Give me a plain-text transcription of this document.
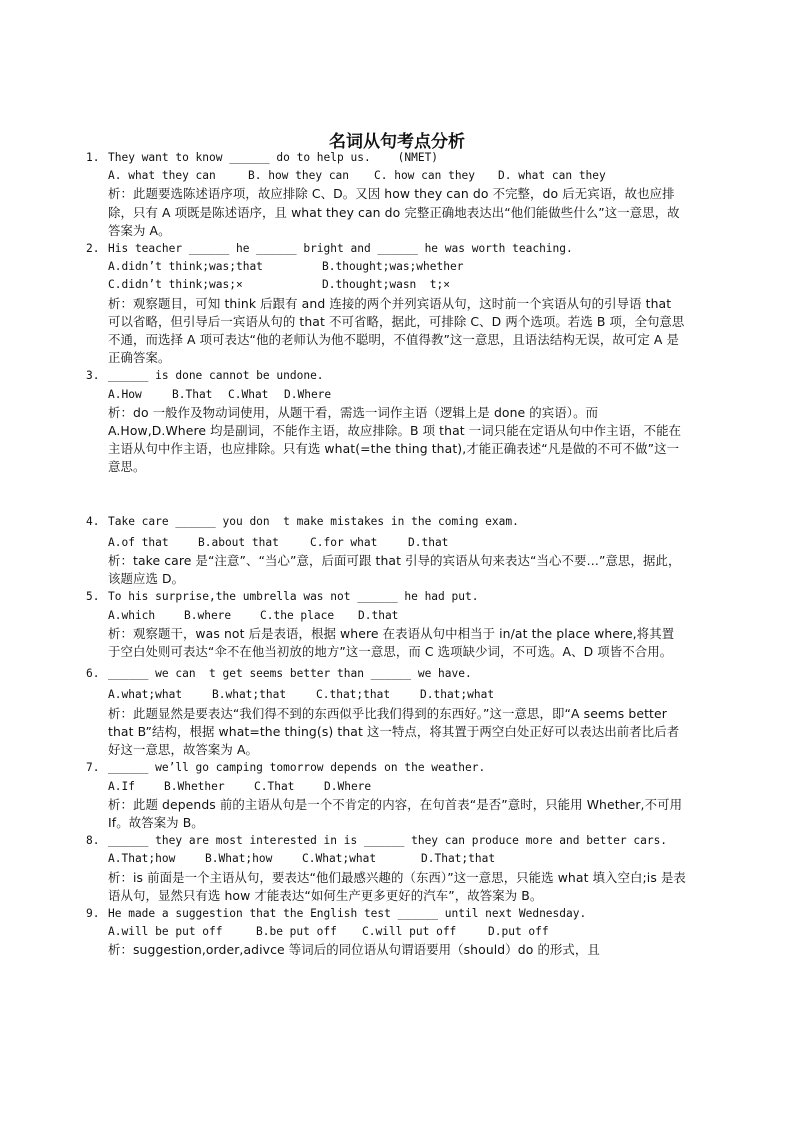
名词从句考点分析
1. They want to know ______ do to help us.    (NMET)
A. what they can	B. how they can C. how can they D. what can they
析：此题要选陈述语序项，故应排除 C、D。又因 how they can do 不完整，do 后无宾语，故也应排除，只有 A 项既是陈述语序，且 what they can do 完整正确地表达出“他们能做些什么”这一意思，故答案为 A。
2. His teacher ______ he ______ bright and ______ he was worth teaching.
A.didn’t think;was;that	B.thought;was;whether
C.didn’t think;was;×	D.thought;wasn  t;×
析：观察题目，可知 think 后跟有 and 连接的两个并列宾语从句，这时前一个宾语从句的引导语 that 可以省略，但引导后一宾语从句的 that 不可省略，据此，可排除 C、D 两个选项。若选 B 项，全句意思不通，而选择 A 项可表达“他的老师认为他不聪明，不值得教”这一意思，且语法结构无误，故可定 A 是正确答案。
3. ______ is done cannot be undone.
A.How	B.That C.What D.Where
析：do 一般作及物动词使用，从题干看，需选一词作主语（逻辑上是 done 的宾语）。而 A.How,D.Where 均是副词，不能作主语，故应排除。B 项 that 一词只能在定语从句中作主语，不能在主语从句中作主语，也应排除。只有选 what(=the thing that),才能正确表述“凡是做的不可不做”这一意思。
4. Take care ______ you don  t make mistakes in the coming exam.
A.of that	B.about that	C.for what	D.that
析：take care 是“注意”、“当心”意，后面可跟 that 引导的宾语从句来表达“当心不要…”意思，据此，该题应选 D。
5. To his surprise,the umbrella was not ______ he had put.
A.which	B.where	C.the place D.that
析：观察题干，was not 后是表语，根据 where 在表语从句中相当于 in/at the place where,将其置于空白处则可表达“伞不在他当初放的地方”这一意思，而 C 选项缺少词，不可选。A、D 项皆不合用。
6. ______ we can  t get seems better than ______ we have.
A.what;what	B.what;that	C.that;that	D.that;what
析：此题显然是要表达“我们得不到的东西似乎比我们得到的东西好。”这一意思，即“A seems better that B”结构，根据 what=the thing(s) that 这一特点，将其置于两空白处正好可以表达出前者比后者好这一意思，故答案为 A。
7. ______ we’ll go camping tomorrow depends on the weather.
A.If	B.Whether	C.That	D.Where
析：此题 depends 前的主语从句是一个不肯定的内容，在句首表“是否”意时，只能用 Whether,不可用 If。故答案为 B。
8. ______ they are most interested in is ______ they can produce more and better cars.
A.That;how	B.What;how	C.What;what	D.That;that
析：is 前面是一个主语从句，要表达“他们最感兴趣的（东西）”这一意思，只能选 what 填入空白;is 是表语从句，显然只有选 how 才能表达“如何生产更多更好的汽车”，故答案为 B。
9. He made a suggestion that the English test ______ until next Wednesday.
A.will be put off	B.be put off C.will put off	D.put off
析：suggestion,order,adivce 等词后的同位语从句谓语要用（should）do 的形式，且
